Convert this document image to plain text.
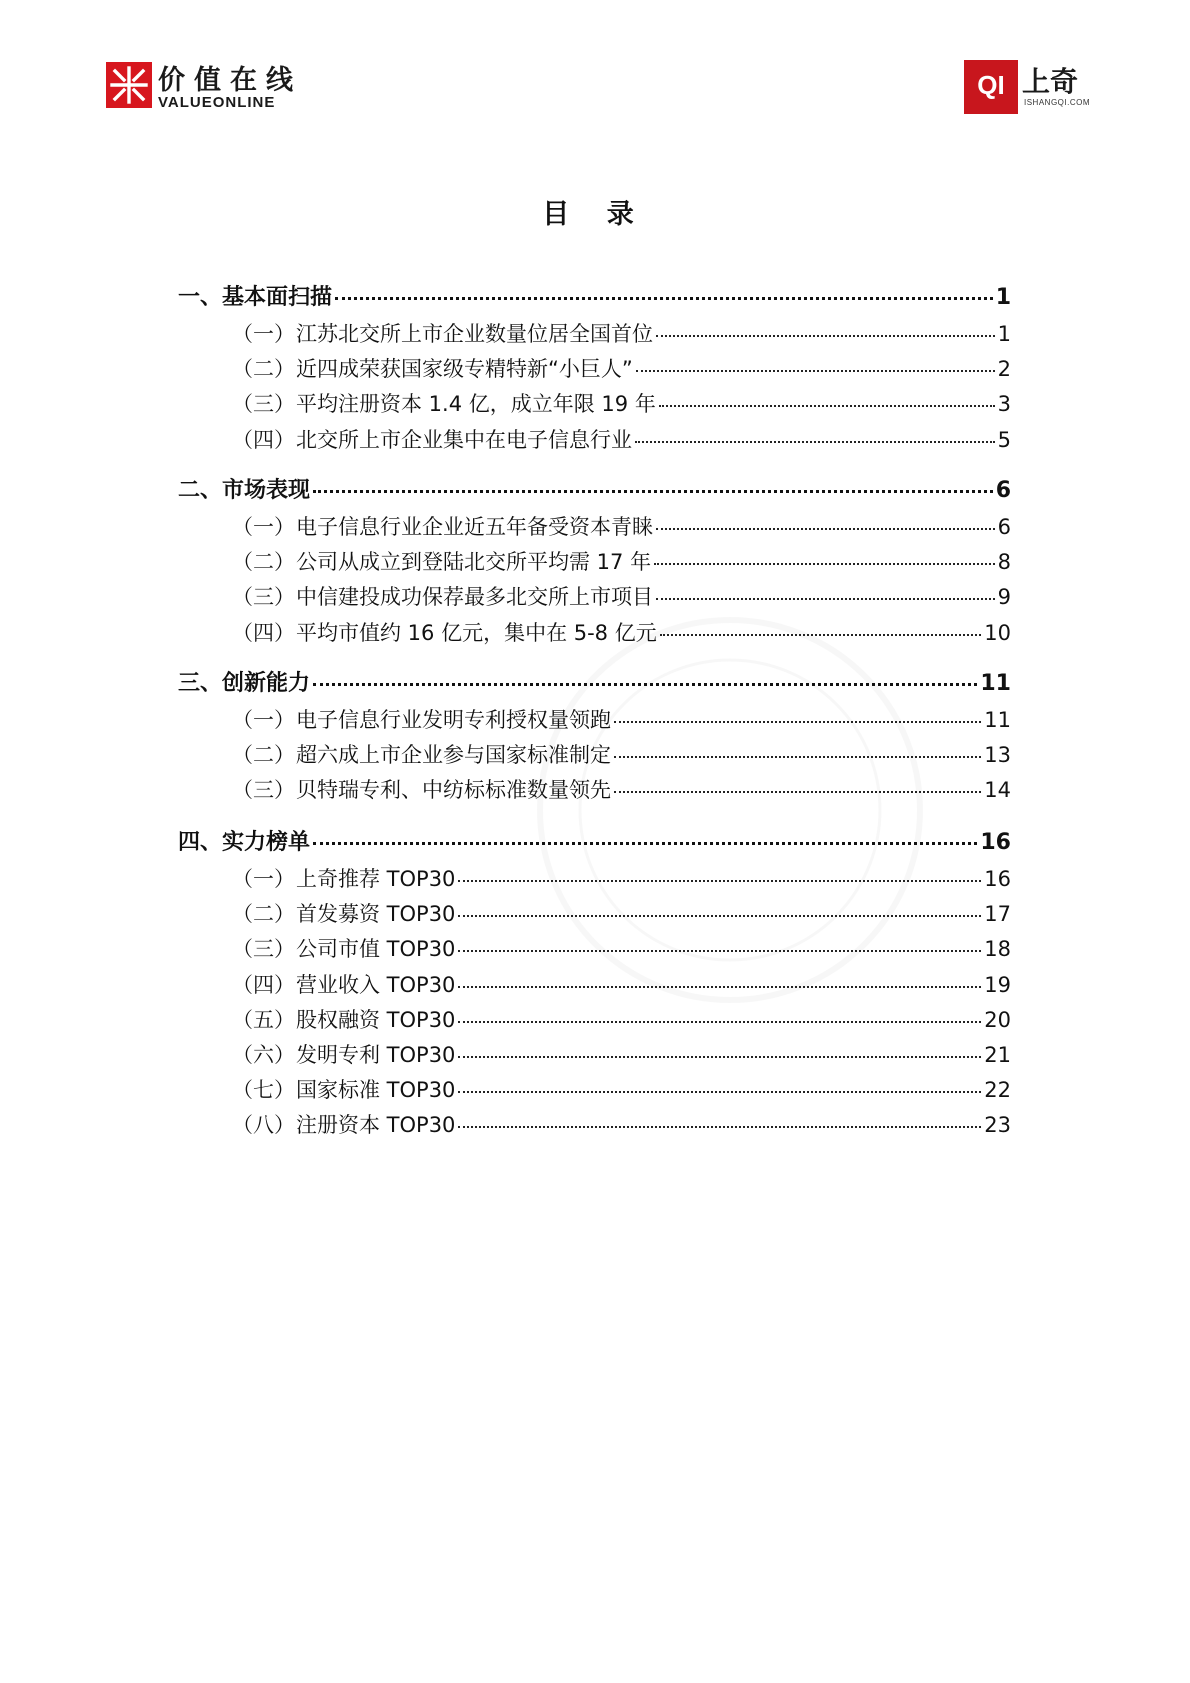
价值在线
VALUEONLINE
QI 上奇
ISHANGQI.COM
目 录
一、 基本面扫描	1
（一） 江苏北交所上市企业数量位居全国首位	1
（二） 近四成荣获国家级专精特新“小巨人”	2
（三） 平均注册资本 1.4 亿，成立年限 19 年	3
（四） 北交所上市企业集中在电子信息行业	5
二、 市场表现	6
（一） 电子信息行业企业近五年备受资本青睐	6
（二） 公司从成立到登陆北交所平均需 17 年	8
（三） 中信建投成功保荐最多北交所上市项目	9
（四） 平均市值约 16 亿元，集中在 5-8 亿元	10
三、 创新能力	11
（一） 电子信息行业发明专利授权量领跑	11
（二） 超六成上市企业参与国家标准制定	13
（三） 贝特瑞专利、中纺标标准数量领先	14
四、 实力榜单	16
（一） 上奇推荐 TOP30	16
（二） 首发募资 TOP30	17
（三） 公司市值 TOP30	18
（四） 营业收入 TOP30	19
（五） 股权融资 TOP30	20
（六） 发明专利 TOP30	21
（七） 国家标准 TOP30	22
（八） 注册资本 TOP30	23
